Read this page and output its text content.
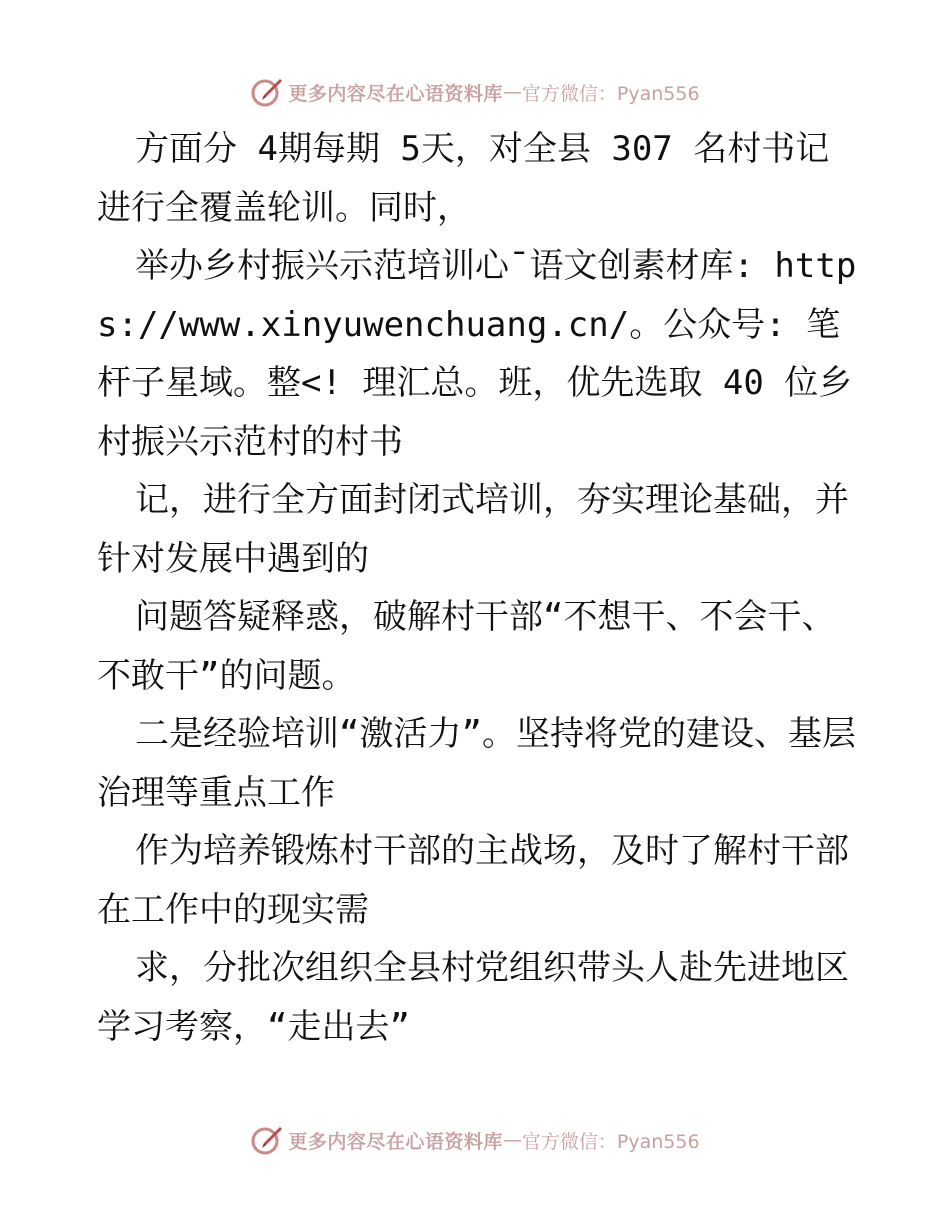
更多内容尽在心语资料库 — 官方微信：Pyan556

方面分 4期每期 5天，对全县 307 名村书记进行全覆盖轮训。同时，

举办乡村振兴示范培训心¯语文创素材库: https://www.xinyuwenchuang.cn/。公众号: 笔杆子星域。整<! 理汇总。班，优先选取 40 位乡村振兴示范村的村书

记，进行全方面封闭式培训，夯实理论基础，并针对发展中遇到的

问题答疑释惑，破解村干部“不想干、不会干、不敢干”的问题。

二是经验培训“激活力”。坚持将党的建设、基层治理等重点工作

作为培养锻炼村干部的主战场，及时了解村干部在工作中的现实需

求，分批次组织全县村党组织带头人赴先进地区学习考察，“走出去”

更多内容尽在心语资料库 — 官方微信：Pyan556
